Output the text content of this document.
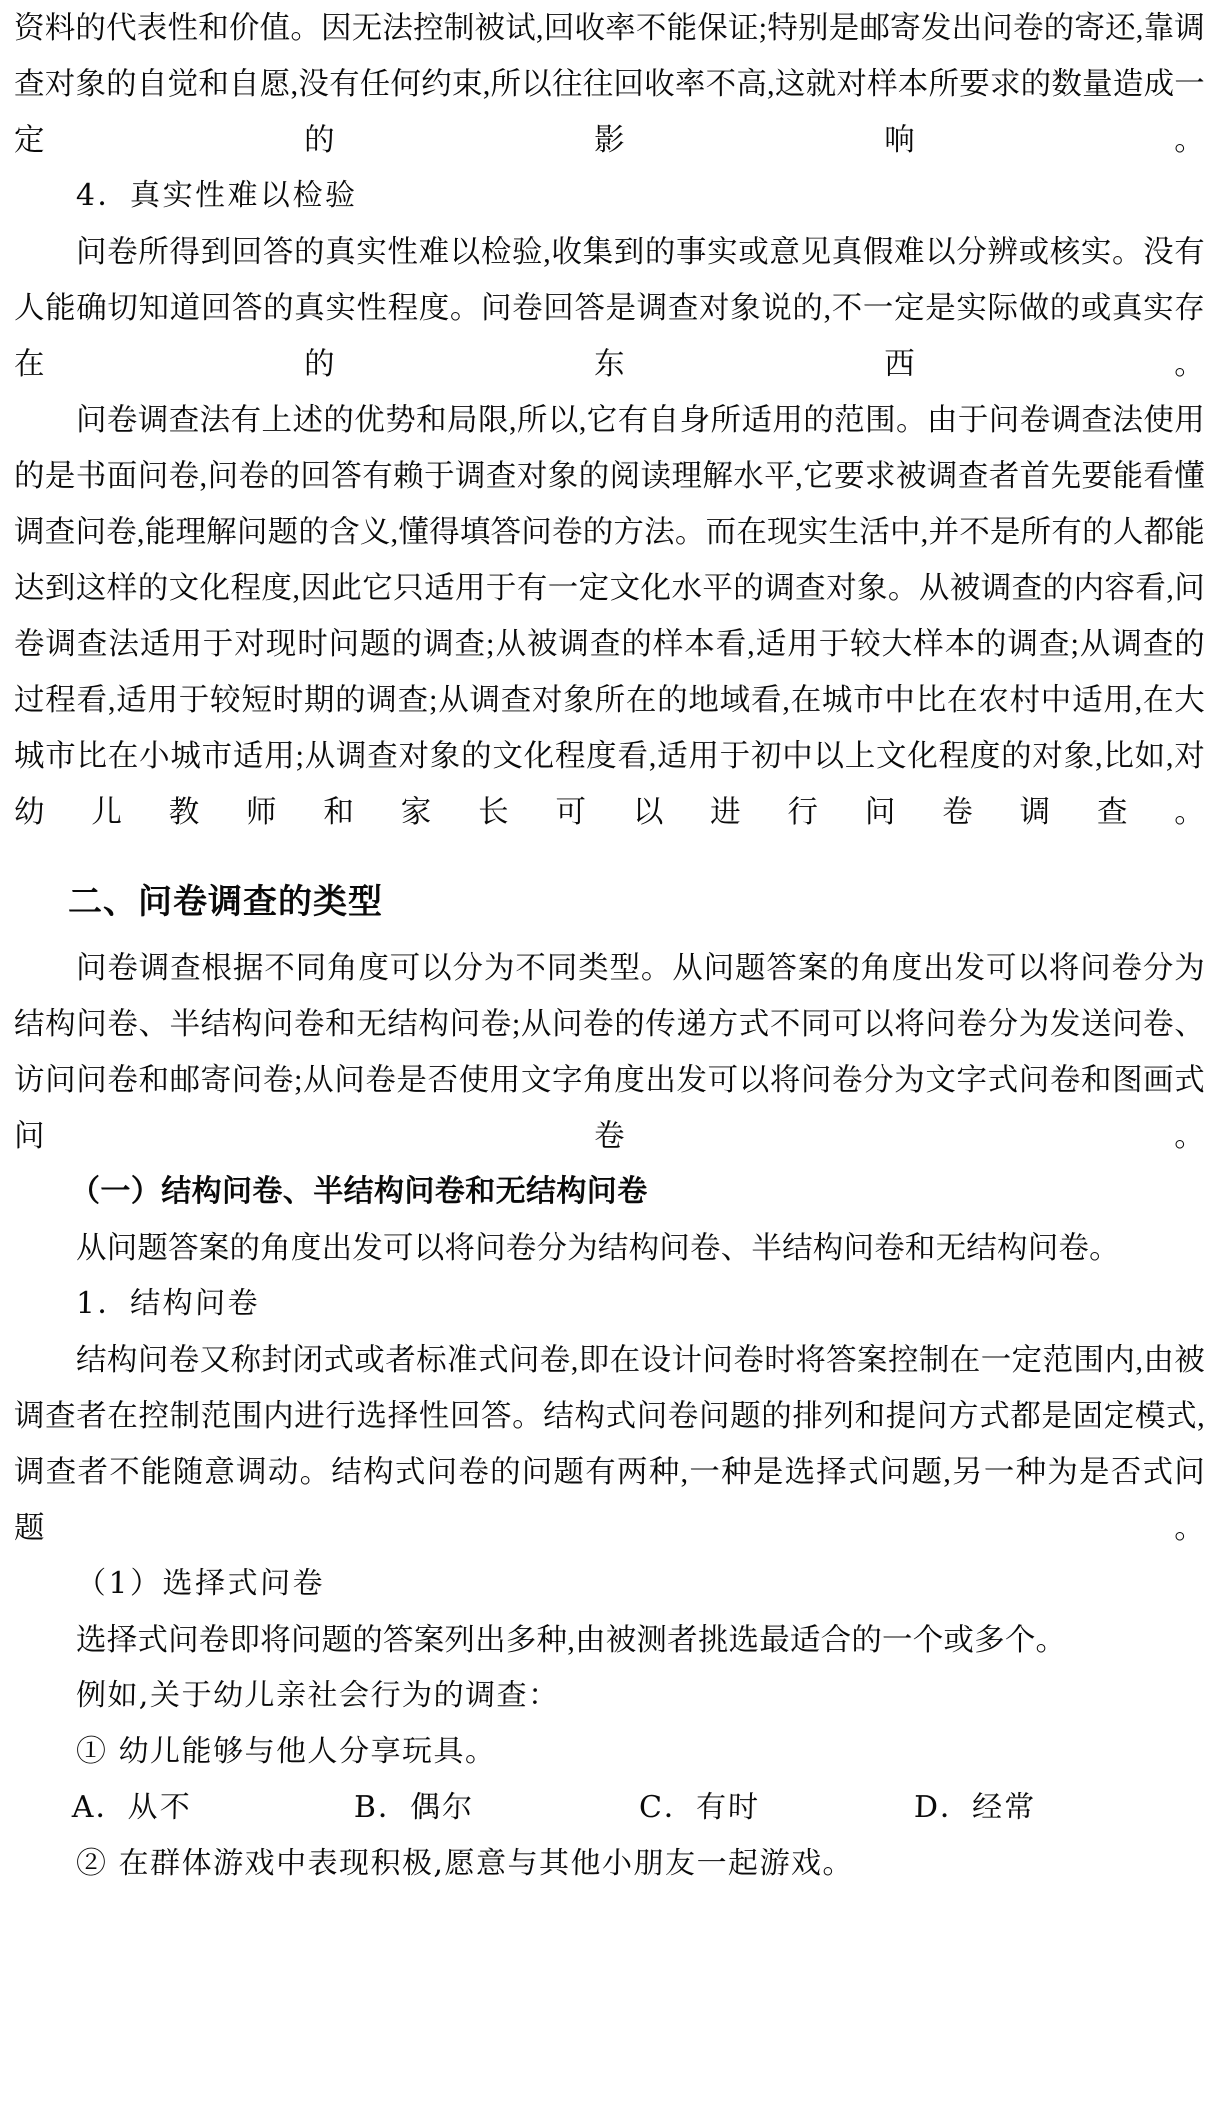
资料的代表性和价值。因无法控制被试,回收率不能保证;特别是邮寄发出问卷的寄还,靠调查对象的自觉和自愿,没有任何约束,所以往往回收率不高,这就对样本所要求的数量造成一定的影响。

4．真实性难以检验

问卷所得到回答的真实性难以检验,收集到的事实或意见真假难以分辨或核实。没有人能确切知道回答的真实性程度。问卷回答是调查对象说的,不一定是实际做的或真实存在的东西。

问卷调查法有上述的优势和局限,所以,它有自身所适用的范围。由于问卷调查法使用的是书面问卷,问卷的回答有赖于调查对象的阅读理解水平,它要求被调查者首先要能看懂调查问卷,能理解问题的含义,懂得填答问卷的方法。而在现实生活中,并不是所有的人都能达到这样的文化程度,因此它只适用于有一定文化水平的调查对象。从被调查的内容看,问卷调查法适用于对现时问题的调查;从被调查的样本看,适用于较大样本的调查;从调查的过程看,适用于较短时期的调查;从调查对象所在的地域看,在城市中比在农村中适用,在大城市比在小城市适用;从调查对象的文化程度看,适用于初中以上文化程度的对象,比如,对幼儿教师和家长可以进行问卷调查。

二、问卷调查的类型

问卷调查根据不同角度可以分为不同类型。从问题答案的角度出发可以将问卷分为结构问卷、半结构问卷和无结构问卷;从问卷的传递方式不同可以将问卷分为发送问卷、访问问卷和邮寄问卷;从问卷是否使用文字角度出发可以将问卷分为文字式问卷和图画式问卷。

（一）结构问卷、半结构问卷和无结构问卷

从问题答案的角度出发可以将问卷分为结构问卷、半结构问卷和无结构问卷。

1．结构问卷

结构问卷又称封闭式或者标准式问卷,即在设计问卷时将答案控制在一定范围内,由被调查者在控制范围内进行选择性回答。结构式问卷问题的排列和提问方式都是固定模式,调查者不能随意调动。结构式问卷的问题有两种,一种是选择式问题,另一种为是否式问题。

（1）选择式问卷

选择式问卷即将问题的答案列出多种,由被测者挑选最适合的一个或多个。

例如,关于幼儿亲社会行为的调查：

① 幼儿能够与他人分享玩具。

A．从不

	B．偶尔

	C．有时

	D．经常

② 在群体游戏中表现积极,愿意与其他小朋友一起游戏。
